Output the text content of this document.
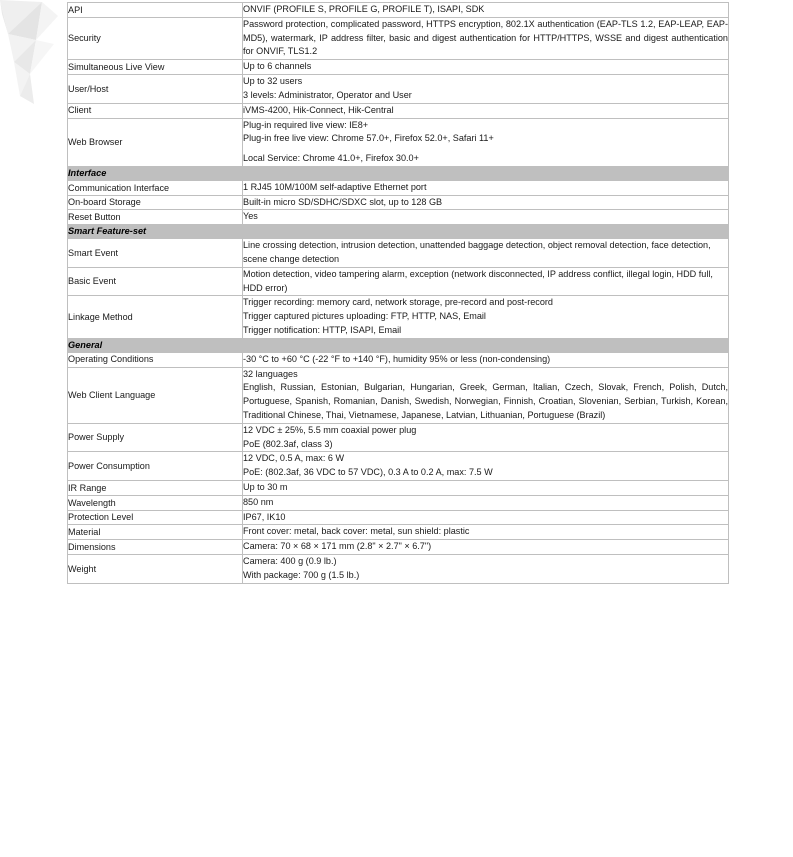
API	ONVIF (PROFILE S, PROFILE G, PROFILE T), ISAPI, SDK

Security	Password protection, complicated password, HTTPS encryption, 802.1X authentication (EAP-TLS 1.2, EAP-LEAP, EAP-MD5), watermark, IP address filter, basic and digest authentication for HTTP/HTTPS, WSSE and digest authentication for ONVIF, TLS1.2

Simultaneous Live View	Up to 6 channels

User/Host	Up to 32 users

3 levels: Administrator, Operator and User

Client	iVMS-4200, Hik-Connect, Hik-Central

Web Browser	Plug-in required live view: IE8+

Plug-in free live view: Chrome 57.0+, Firefox 52.0+, Safari 11+

Local Service: Chrome 41.0+, Firefox 30.0+

Interface	
Communication Interface	1 RJ45 10M/100M self-adaptive Ethernet port

On-board Storage	Built-in micro SD/SDHC/SDXC slot, up to 128 GB

Reset Button	Yes

Smart Feature-set	
Smart Event	Line crossing detection, intrusion detection, unattended baggage detection, object removal detection, face detection, scene change detection

Basic Event	Motion detection, video tampering alarm, exception (network disconnected, IP address conflict, illegal login, HDD full, HDD error)

Linkage Method	Trigger recording: memory card, network storage, pre-record and post-record

Trigger captured pictures uploading: FTP, HTTP, NAS, Email

Trigger notification: HTTP, ISAPI, Email

General	
Operating Conditions	-30 °C to +60 °C (-22 °F to +140 °F), humidity 95% or less (non-condensing)

Web Client Language	32 languages

English, Russian, Estonian, Bulgarian, Hungarian, Greek, German, Italian, Czech, Slovak, French, Polish, Dutch, Portuguese, Spanish, Romanian, Danish, Swedish, Norwegian, Finnish, Croatian, Slovenian, Serbian, Turkish, Korean, Traditional Chinese, Thai, Vietnamese, Japanese, Latvian, Lithuanian, Portuguese (Brazil)

Power Supply	12 VDC ± 25%, 5.5 mm coaxial power plug

PoE (802.3af, class 3)

Power Consumption	12 VDC, 0.5 A, max: 6 W

PoE: (802.3af, 36 VDC to 57 VDC), 0.3 A to 0.2 A, max: 7.5 W

IR Range	Up to 30 m

Wavelength	850 nm

Protection Level	IP67, IK10

Material	Front cover: metal, back cover: metal, sun shield: plastic

Dimensions	Camera: 70 × 68 × 171 mm (2.8" × 2.7" × 6.7")

Weight	Camera: 400 g (0.9 lb.)

With package: 700 g (1.5 lb.)
